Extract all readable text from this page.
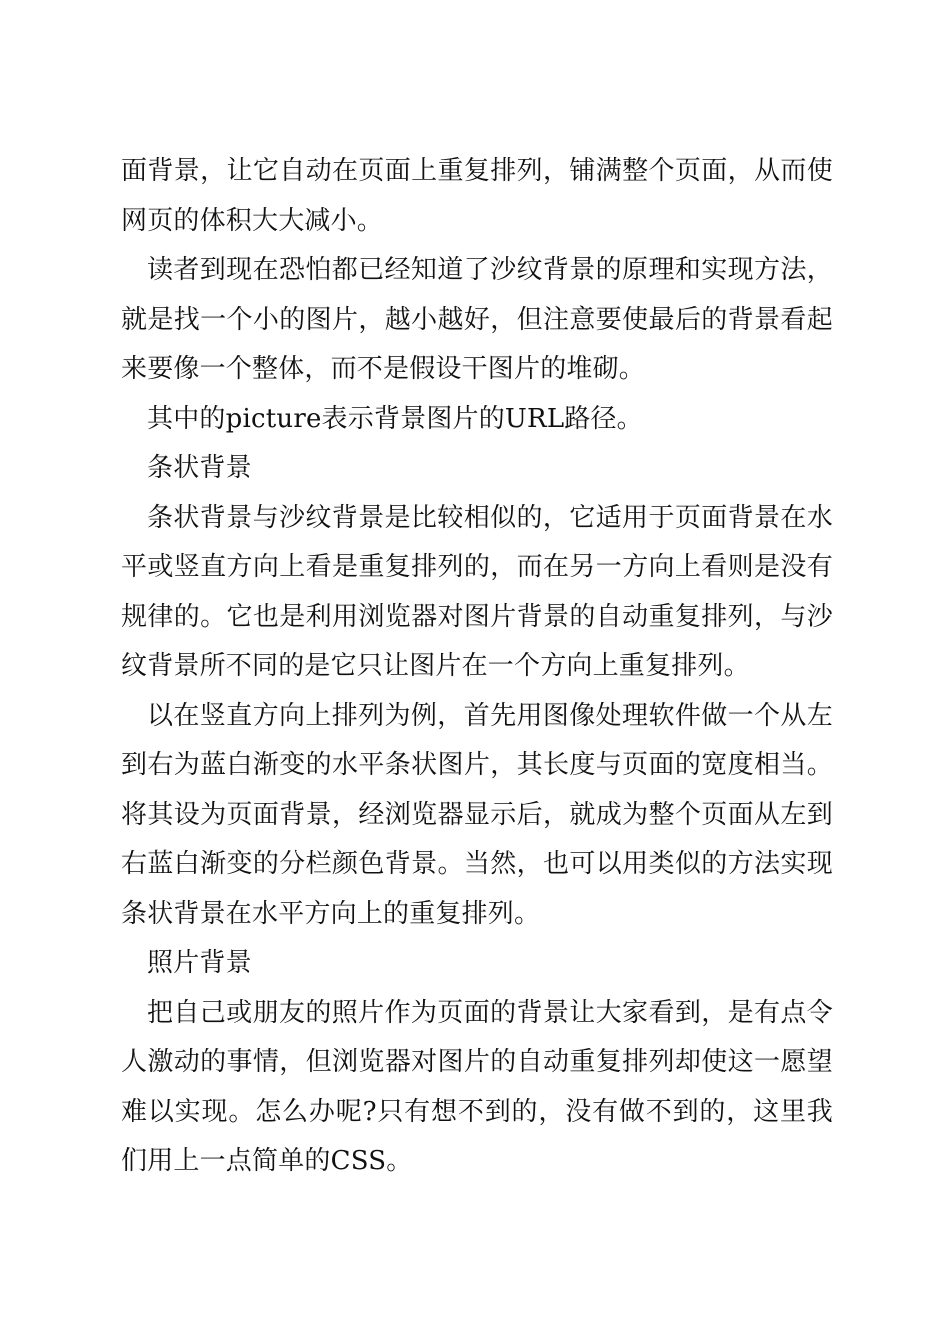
面背景，让它自动在页面上重复排列，铺满整个页面，从而使网页的体积大大减小。

读者到现在恐怕都已经知道了沙纹背景的原理和实现方法，就是找一个小的图片，越小越好，但注意要使最后的背景看起来要像一个整体，而不是假设干图片的堆砌。

其中的picture表示背景图片的URL路径。

条状背景

条状背景与沙纹背景是比较相似的，它适用于页面背景在水平或竖直方向上看是重复排列的，而在另一方向上看则是没有规律的。它也是利用浏览器对图片背景的自动重复排列，与沙纹背景所不同的是它只让图片在一个方向上重复排列。

以在竖直方向上排列为例，首先用图像处理软件做一个从左到右为蓝白渐变的水平条状图片，其长度与页面的宽度相当。将其设为页面背景，经浏览器显示后，就成为整个页面从左到右蓝白渐变的分栏颜色背景。当然，也可以用类似的方法实现条状背景在水平方向上的重复排列。

照片背景

把自己或朋友的照片作为页面的背景让大家看到，是有点令人激动的事情，但浏览器对图片的自动重复排列却使这一愿望难以实现。怎么办呢?只有想不到的，没有做不到的，这里我们用上一点简单的CSS。
